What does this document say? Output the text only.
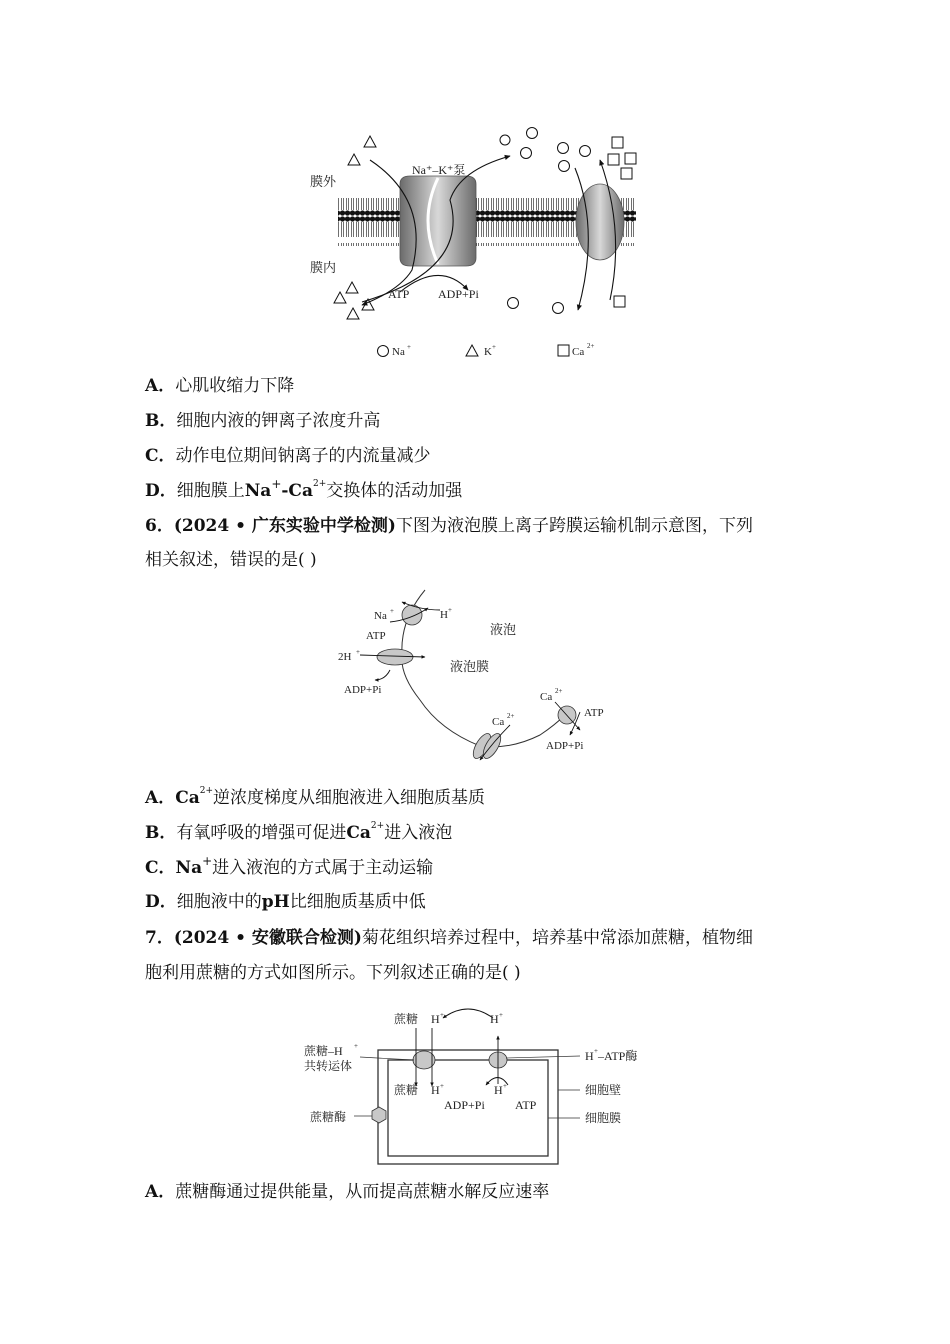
Na⁺–K⁺泵
膜外
膜内
ATP ADP+Pi
Na +	K +	Ca 2+
A．心肌收缩力下降
B．细胞内液的钾离子浓度升高
C．动作电位期间钠离子的内流量减少
D．细胞膜上$Na^+-Ca^{2+}$交换体的活动加强
6．(2024 • 广东实验中学检测)下图为液泡膜上离子跨膜运输机制示意图，下列
相关叙述，错误的是( )
Na +	H +
ATP
2H +
ADP+Pi
液泡
液泡膜
Ca 2+
Ca 2+
ATP
ADP+Pi
A．$Ca^{2+}$逆浓度梯度从细胞液进入细胞质基质
B．有氧呼吸的增强可促进$Ca^{2+}$进入液泡
C．Na+进入液泡的方式属于主动运输
D．细胞液中的pH比细胞质基质中低
7．(2024 • 安徽联合检测)菊花组织培养过程中，培养基中常添加蔗糖，植物细
胞利用蔗糖的方式如图所示。下列叙述正确的是( )
蔗糖 H +	H +
蔗糖–H +
共转运体
H + –ATP酶
细胞壁
细胞膜
蔗糖酶
蔗糖 H +	H +
ADP+Pi	ATP
A．蔗糖酶通过提供能量，从而提高蔗糖水解反应速率
